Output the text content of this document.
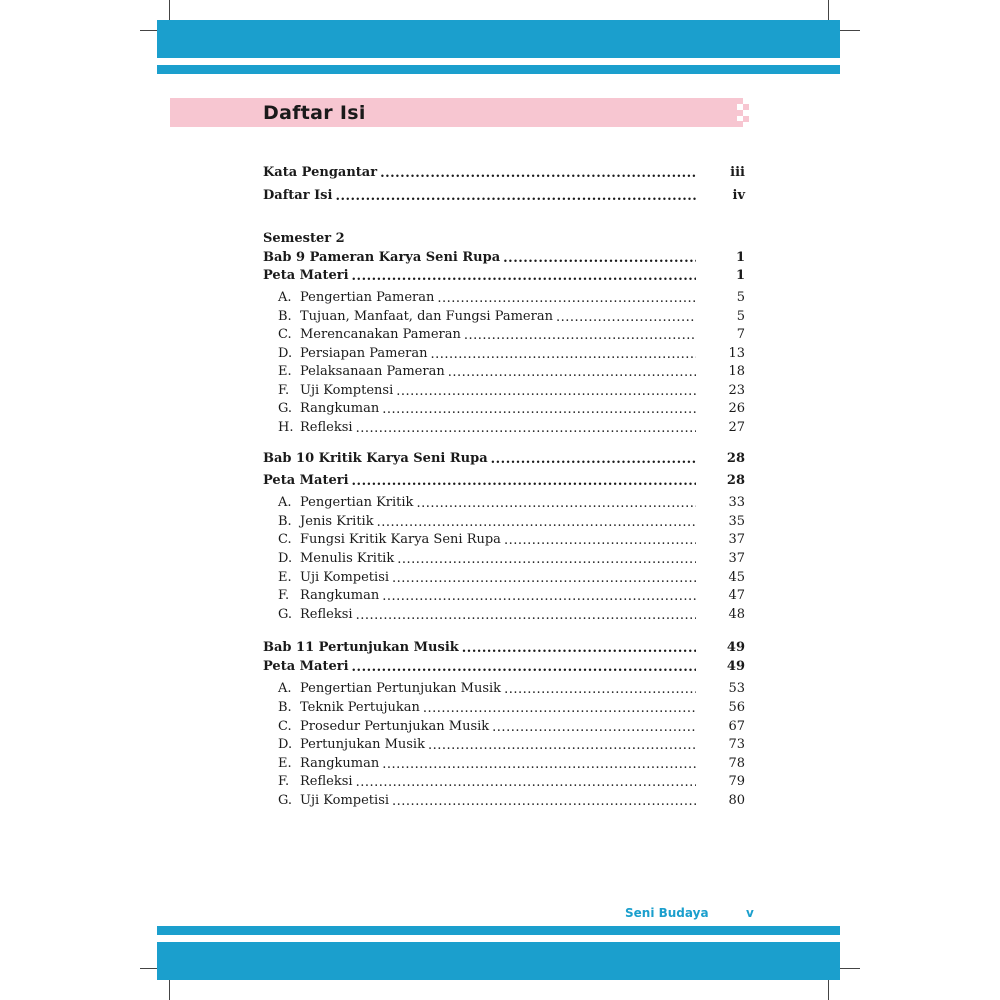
Daftar Isi
Kata Pengantar .....	iii
Daftar Isi .....	iv
Semester 2
Bab 9 Pameran Karya Seni Rupa .....	1
Peta Materi .....	1
A. Pengertian Pameran .....	5
B. Tujuan, Manfaat, dan Fungsi Pameran .....	5
C. Merencanakan Pameran .....	7
D. Persiapan Pameran .....	13
E. Pelaksanaan Pameran .....	18
F. Uji Komptensi .....	23
G. Rangkuman .....	26
H. Refleksi .....	27
Bab 10 Kritik Karya Seni Rupa .....	28
Peta Materi .....	28
A. Pengertian Kritik .....	33
B. Jenis Kritik .....	35
C. Fungsi Kritik Karya Seni Rupa .....	37
D. Menulis Kritik .....	37
E. Uji Kompetisi .....	45
F. Rangkuman .....	47
G. Refleksi .....	48
Bab 11 Pertunjukan Musik .....	49
Peta Materi .....	49
A. Pengertian Pertunjukan Musik .....	53
B. Teknik Pertujukan .....	56
C. Prosedur Pertunjukan Musik .....	67
D. Pertunjukan Musik .....	73
E. Rangkuman .....	78
F. Refleksi .....	79
G. Uji Kompetisi .....	80
Seni Budaya	v
